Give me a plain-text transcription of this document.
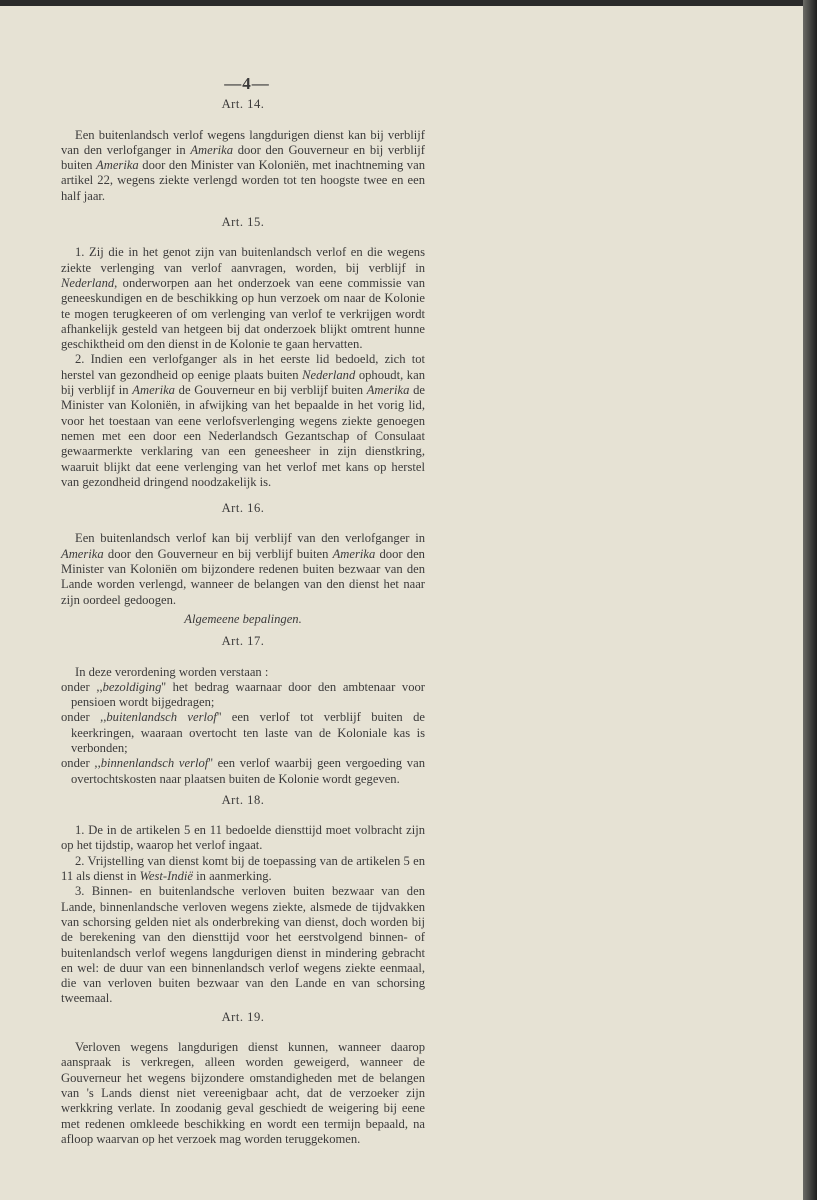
—4—
Art. 14.

Een buitenlandsch verlof wegens langdurigen dienst kan bij verblijf van den verlofganger in Amerika door den Gouverneur en bij verblijf buiten Amerika door den Minister van Koloniën, met inachtneming van artikel 22, wegens ziekte verlengd worden tot ten hoogste twee en een half jaar.

Art. 15.

1. Zij die in het genot zijn van buitenlandsch verlof en die wegens ziekte verlenging van verlof aanvragen, worden, bij verblijf in Nederland, onderworpen aan het onderzoek van eene commissie van geneeskundigen en de beschikking op hun verzoek om naar de Kolonie te mogen terugkeeren of om verlenging van verlof te verkrijgen wordt afhankelijk gesteld van hetgeen bij dat onderzoek blijkt omtrent hunne geschiktheid om den dienst in de Kolonie te gaan hervatten.

2. Indien een verlofganger als in het eerste lid bedoeld, zich tot herstel van gezondheid op eenige plaats buiten Nederland ophoudt, kan bij verblijf in Amerika de Gouverneur en bij verblijf buiten Amerika de Minister van Koloniën, in afwijking van het bepaalde in het vorig lid, voor het toestaan van eene verlofsverlenging wegens ziekte genoegen nemen met een door een Nederlandsch Gezantschap of Consulaat gewaarmerkte verklaring van een geneesheer in zijn dienstkring, waaruit blijkt dat eene verlenging van het verlof met kans op herstel van gezondheid dringend noodzakelijk is.

Art. 16.

Een buitenlandsch verlof kan bij verblijf van den verlofganger in Amerika door den Gouverneur en bij verblijf buiten Amerika door den Minister van Koloniën om bijzondere redenen buiten bezwaar van den Lande worden verlengd, wanneer de belangen van den dienst het naar zijn oordeel gedoogen.

Algemeene bepalingen.
Art. 17.

In deze verordening worden verstaan :

onder ,,bezoldiging'' het bedrag waarnaar door den ambtenaar voor pensioen wordt bijgedragen;
onder ,,buitenlandsch verlof'' een verlof tot verblijf buiten de keerkringen, waaraan overtocht ten laste van de Koloniale kas is verbonden;
onder ,,binnenlandsch verlof'' een verlof waarbij geen vergoeding van overtochtskosten naar plaatsen buiten de Kolonie wordt gegeven.
Art. 18.

1. De in de artikelen 5 en 11 bedoelde diensttijd moet volbracht zijn op het tijdstip, waarop het verlof ingaat.

2. Vrijstelling van dienst komt bij de toepassing van de artikelen 5 en 11 als dienst in West-Indië in aanmerking.

3. Binnen- en buitenlandsche verloven buiten bezwaar van den Lande, binnenlandsche verloven wegens ziekte, alsmede de tijdvakken van schorsing gelden niet als onderbreking van dienst, doch worden bij de berekening van den diensttijd voor het eerstvolgend binnen- of buitenlandsch verlof wegens langdurigen dienst in mindering gebracht en wel: de duur van een binnenlandsch verlof wegens ziekte eenmaal, die van verloven buiten bezwaar van den Lande en van schorsing tweemaal.

Art. 19.

Verloven wegens langdurigen dienst kunnen, wanneer daarop aanspraak is verkregen, alleen worden geweigerd, wanneer de Gouverneur het wegens bijzondere omstandigheden met de belangen van 's Lands dienst niet vereenigbaar acht, dat de verzoeker zijn werkkring verlate. In zoodanig geval geschiedt de weigering bij eene met redenen omkleede beschikking en wordt een termijn bepaald, na afloop waarvan op het verzoek mag worden teruggekomen.
